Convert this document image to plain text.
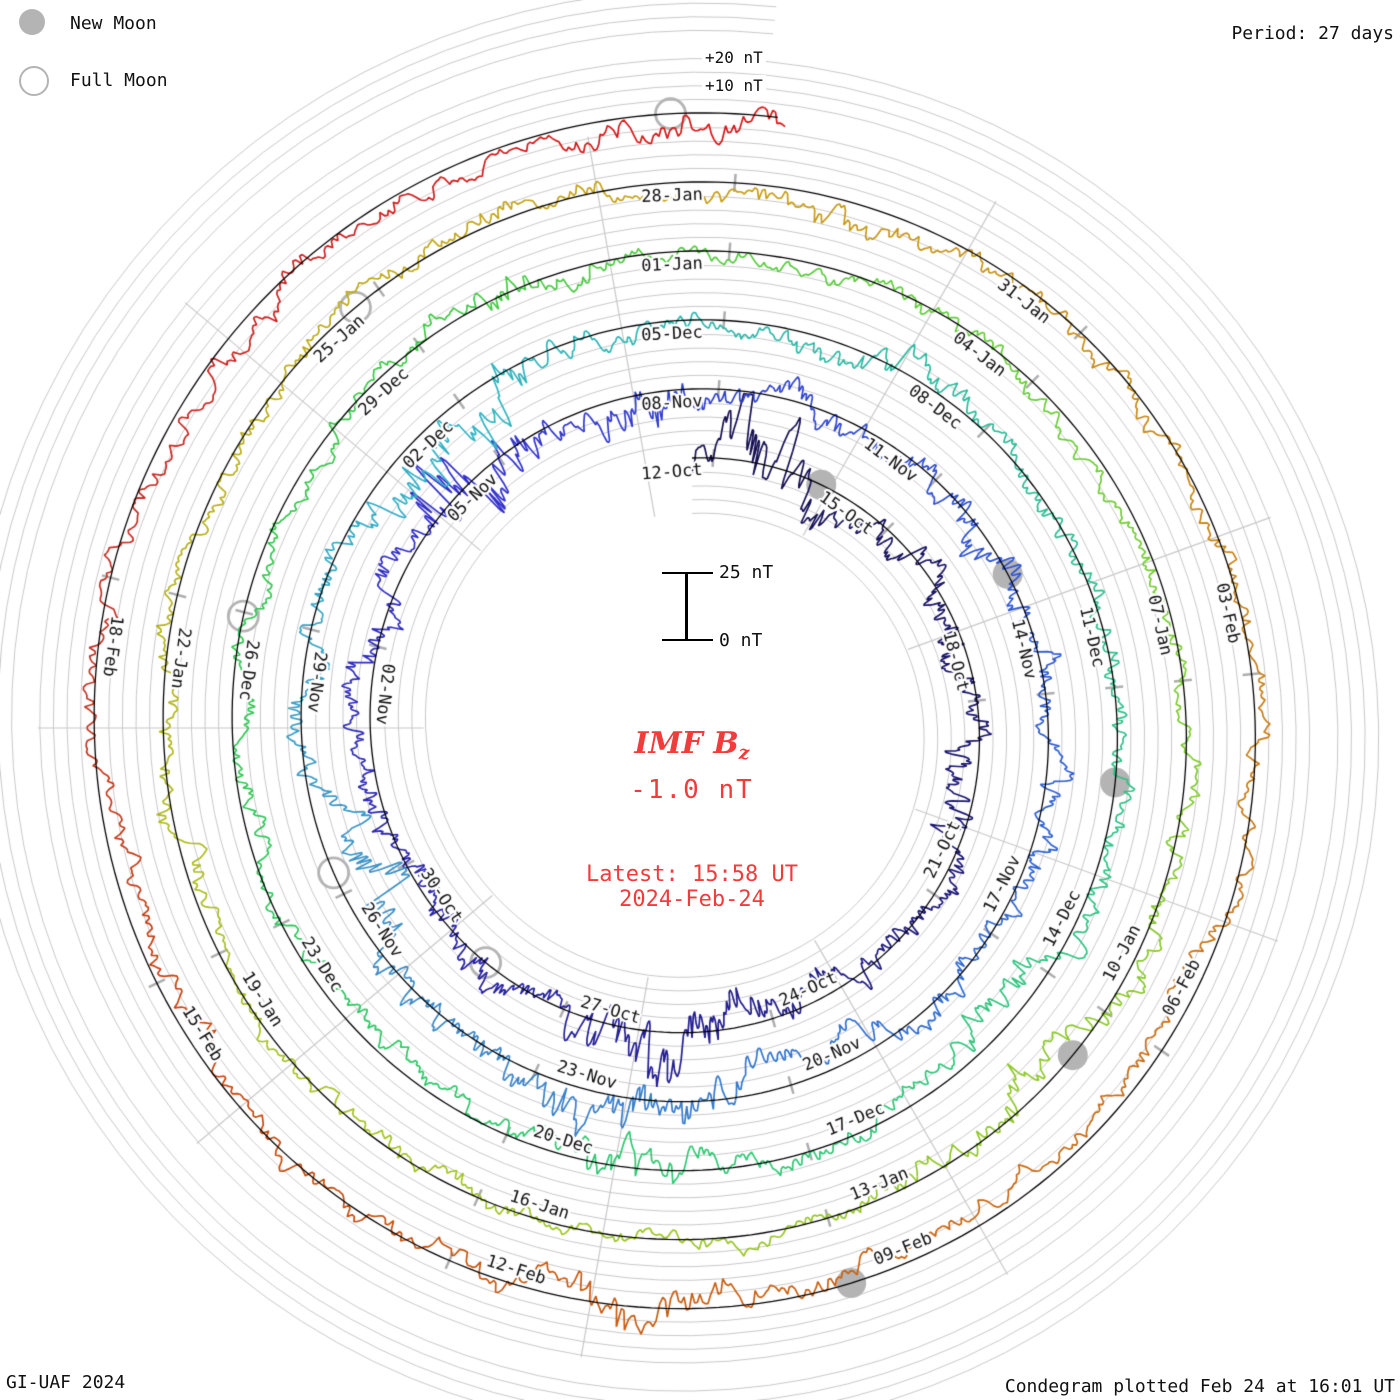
New Moon
Full Moon
Period: 27 days
+20 nT
+10 nT
25 nT
0 nT
IMF $B_z$
-1.0 nT
Latest: 15:58 UT
2024-Feb-24
GI-UAF 2024	Condegram plotted Feb 24 at 16:01 UT
